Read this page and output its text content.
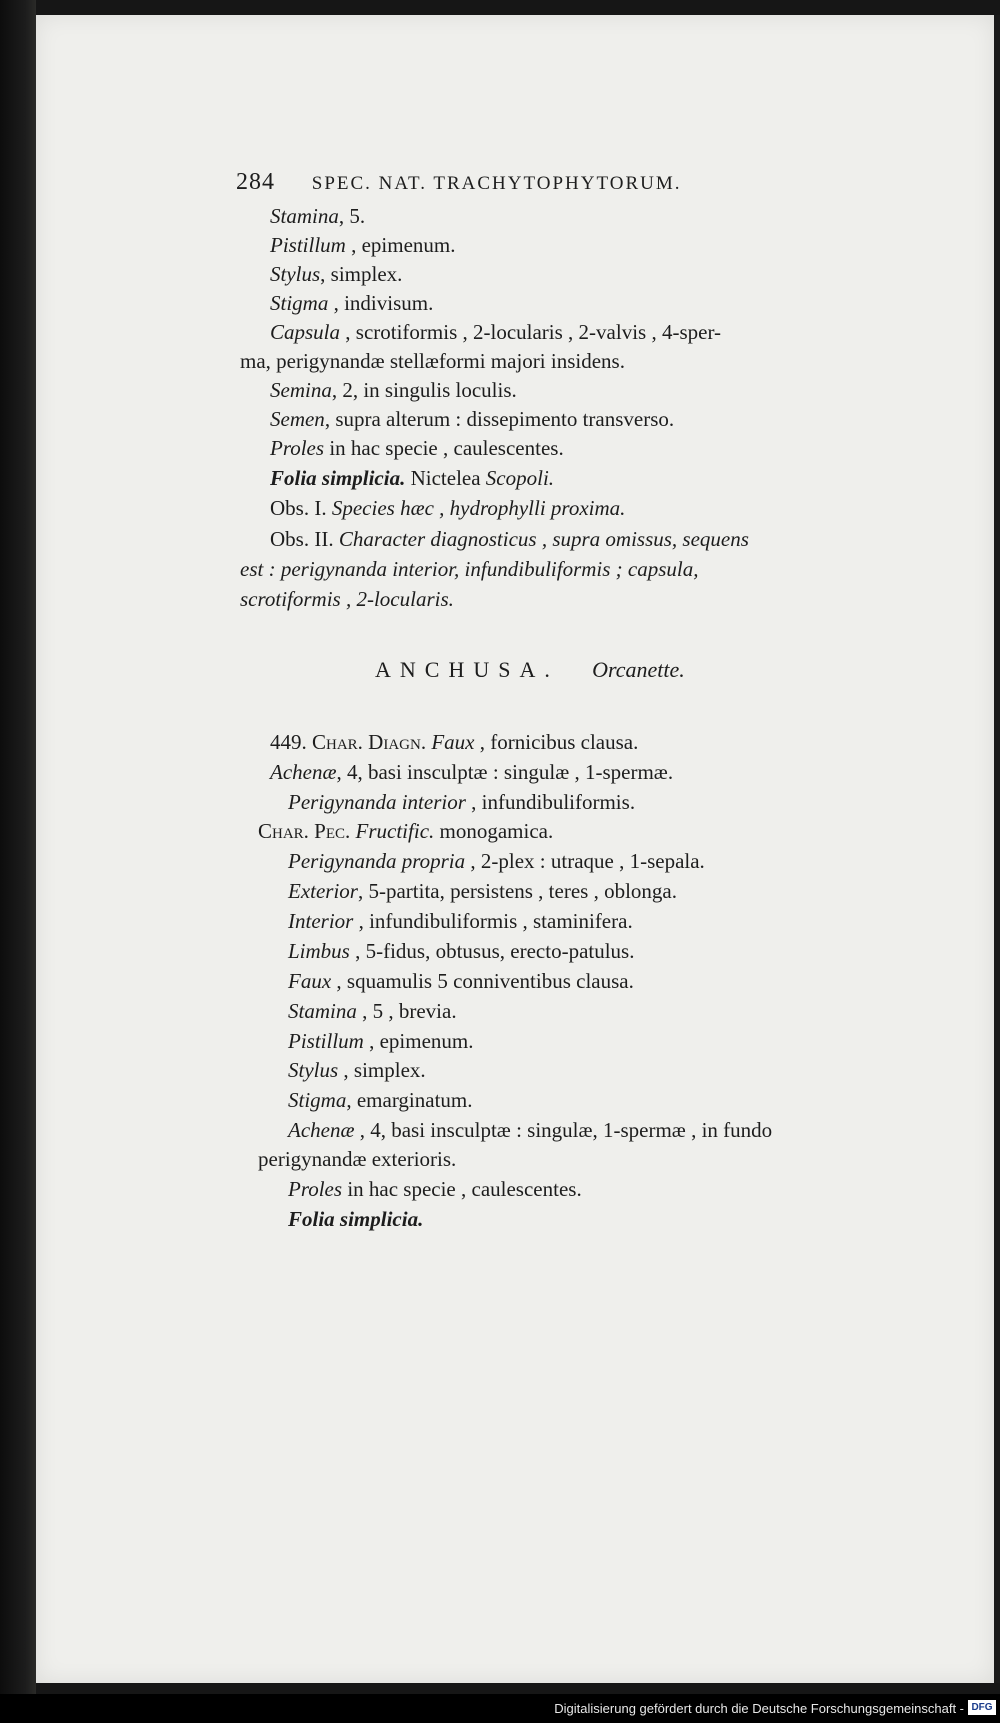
284 SPEC. NAT. TRACHYTOPHYTORUM.
Stamina, 5.
Pistillum , epimenum.
Stylus, simplex.
Stigma , indivisum.
Capsula , scrotiformis , 2-locularis , 2-valvis , 4-sper-
ma, perigynandæ stellæformi majori insidens.
Semina, 2, in singulis loculis.
Semen, supra alterum : dissepimento transverso.
Proles in hac specie , caulescentes.
Folia simplicia. Nictelea Scopoli.
Obs. I. Species hæc , hydrophylli proxima.
Obs. II. Character diagnosticus , supra omissus, sequens
est : perigynanda interior, infundibuliformis ; capsula,
scrotiformis , 2-locularis.
ANCHUSA. Orcanette.
449. Char. Diagn. Faux , fornicibus clausa.
Achenæ, 4, basi insculptæ : singulæ , 1-spermæ.
Perigynanda interior , infundibuliformis.
Char. Pec. Fructific. monogamica.
Perigynanda propria , 2-plex : utraque , 1-sepala.
Exterior, 5-partita, persistens , teres , oblonga.
Interior , infundibuliformis , staminifera.
Limbus , 5-fidus, obtusus, erecto-patulus.
Faux , squamulis 5 conniventibus clausa.
Stamina , 5 , brevia.
Pistillum , epimenum.
Stylus , simplex.
Stigma, emarginatum.
Achenæ , 4, basi insculptæ : singulæ, 1-spermæ , in fundo
perigynandæ exterioris.
Proles in hac specie , caulescentes.
Folia simplicia.
Digitalisierung gefördert durch die Deutsche Forschungsgemeinschaft - DFG
